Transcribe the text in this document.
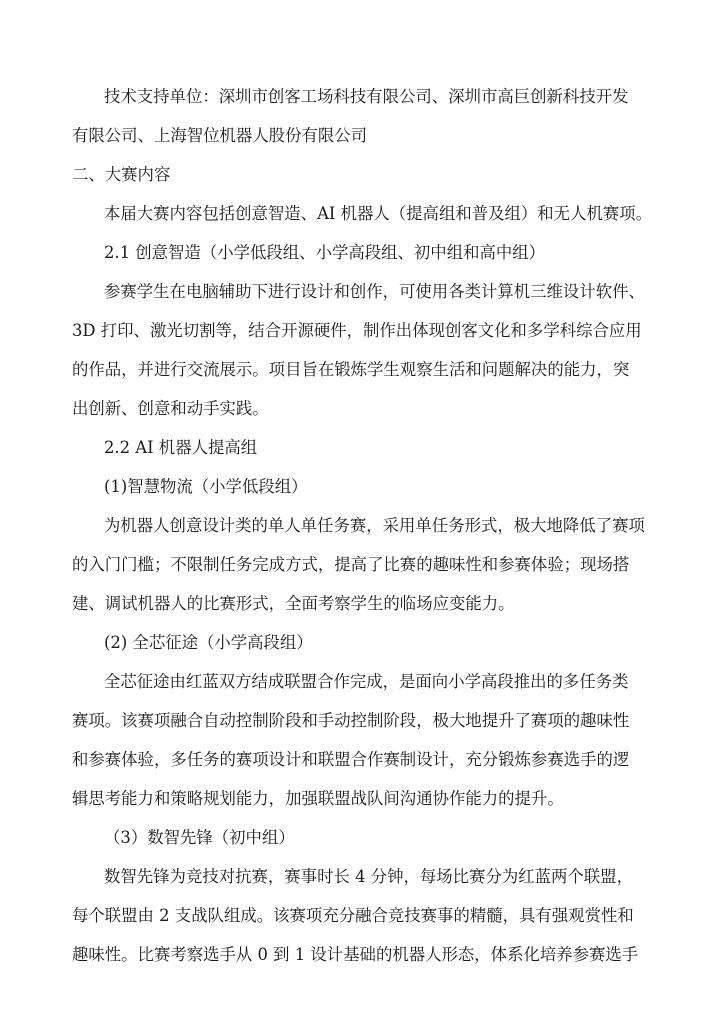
技术支持单位：深圳市创客工场科技有限公司、深圳市高巨创新科技开发
有限公司、上海智位机器人股份有限公司
二、大赛内容
本届大赛内容包括创意智造、AI 机器人（提高组和普及组）和无人机赛项。
2.1 创意智造（小学低段组、小学高段组、初中组和高中组）
参赛学生在电脑辅助下进行设计和创作，可使用各类计算机三维设计软件、
3D 打印、激光切割等，结合开源硬件，制作出体现创客文化和多学科综合应用
的作品，并进行交流展示。项目旨在锻炼学生观察生活和问题解决的能力，突
出创新、创意和动手实践。
2.2 AI 机器人提高组
(1)智慧物流（小学低段组）
为机器人创意设计类的单人单任务赛，采用单任务形式，极大地降低了赛项
的入门门槛；不限制任务完成方式，提高了比赛的趣味性和参赛体验；现场搭
建、调试机器人的比赛形式，全面考察学生的临场应变能力。
(2) 全芯征途（小学高段组）
全芯征途由红蓝双方结成联盟合作完成，是面向小学高段推出的多任务类
赛项。该赛项融合自动控制阶段和手动控制阶段，极大地提升了赛项的趣味性
和参赛体验，多任务的赛项设计和联盟合作赛制设计，充分锻炼参赛选手的逻
辑思考能力和策略规划能力，加强联盟战队间沟通协作能力的提升。
（3）数智先锋（初中组）
数智先锋为竞技对抗赛，赛事时长 4 分钟，每场比赛分为红蓝两个联盟，
每个联盟由 2 支战队组成。该赛项充分融合竞技赛事的精髓，具有强观赏性和
趣味性。比赛考察选手从 0 到 1 设计基础的机器人形态，体系化培养参赛选手
